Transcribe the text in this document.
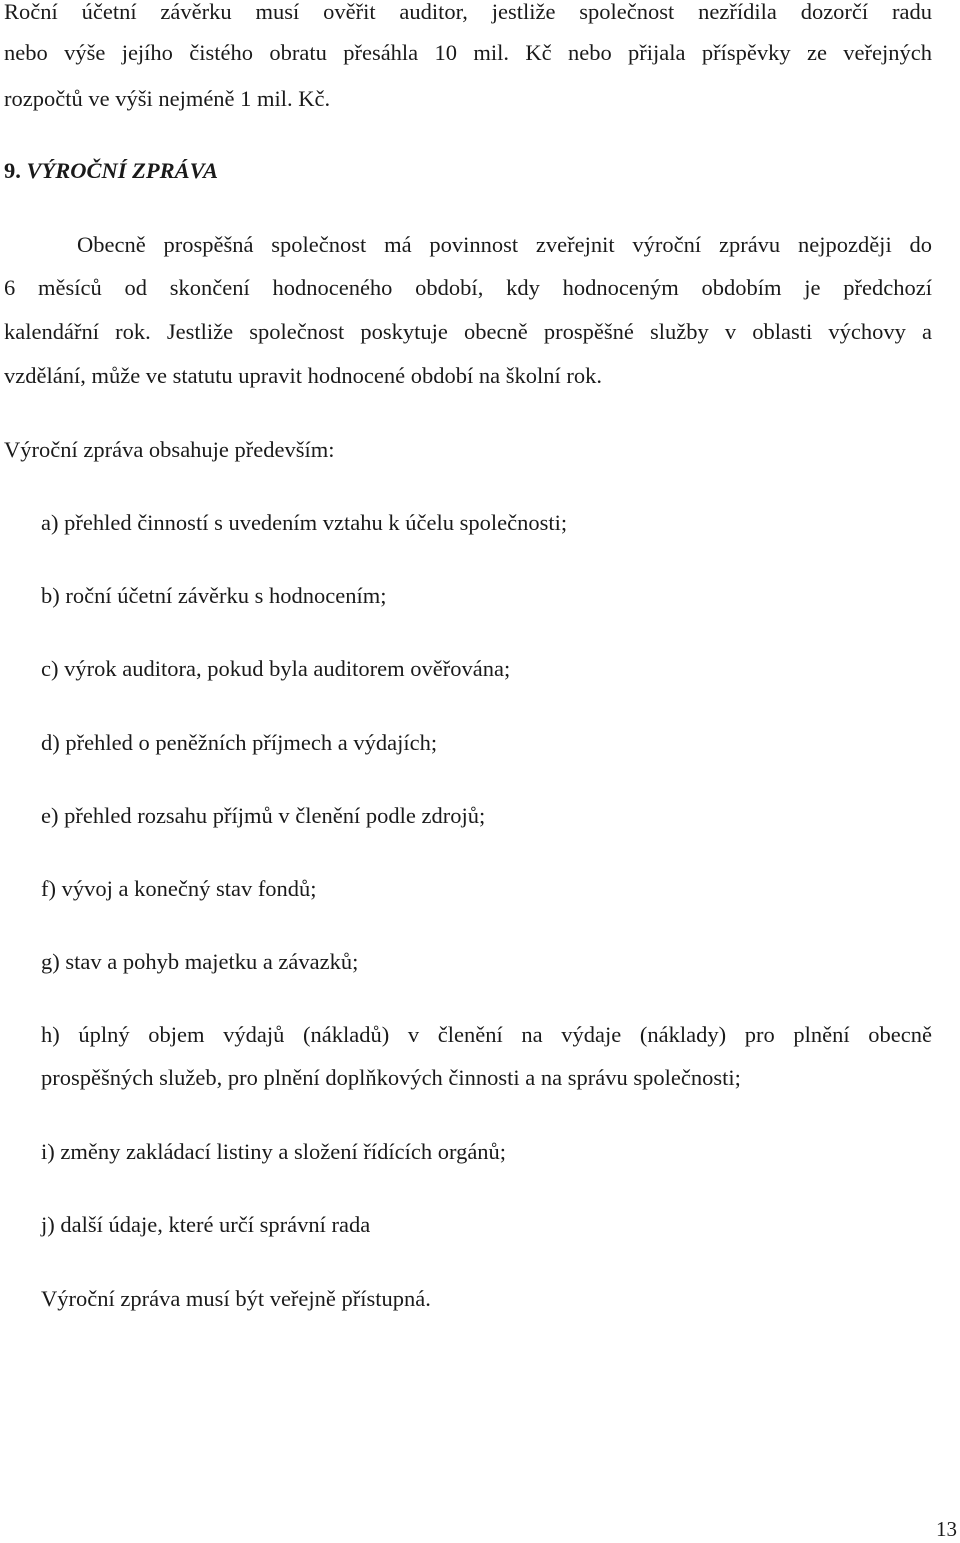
Roční účetní závěrku musí ověřit auditor, jestliže společnost nezřídila dozorčí radu
nebo výše jejího čistého obratu přesáhla 10 mil. Kč nebo přijala příspěvky ze veřejných
rozpočtů ve výši nejméně 1 mil. Kč.
9. VÝROČNÍ ZPRÁVA
Obecně prospěšná společnost má povinnost zveřejnit výroční zprávu nejpozději do
6 měsíců od skončení hodnoceného období, kdy hodnoceným obdobím je předchozí
kalendářní rok. Jestliže společnost poskytuje obecně prospěšné služby v oblasti výchovy a
vzdělání, může ve statutu upravit hodnocené období na školní rok.
Výroční zpráva obsahuje především:
a) přehled činností s uvedením vztahu k účelu společnosti;
b) roční účetní závěrku s hodnocením;
c) výrok auditora, pokud byla auditorem ověřována;
d) přehled o peněžních příjmech a výdajích;
e) přehled rozsahu příjmů v členění podle zdrojů;
f) vývoj a konečný stav fondů;
g) stav a pohyb majetku a závazků;
h) úplný objem výdajů (nákladů) v členění na výdaje (náklady) pro plnění obecně
prospěšných služeb, pro plnění doplňkových činnosti a na správu společnosti;
i) změny zakládací listiny a složení řídících orgánů;
j) další údaje, které určí správní rada
Výroční zpráva musí být veřejně přístupná.
13
